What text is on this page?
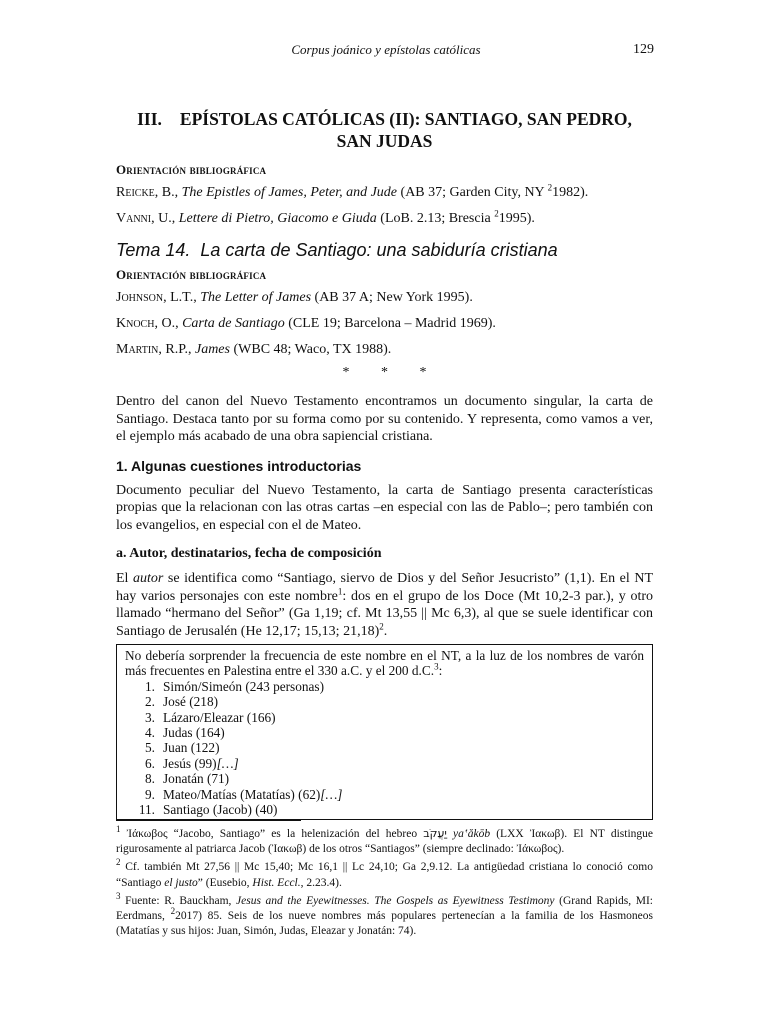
Corpus joánico y epístolas católicas	129
III. EPÍSTOLAS CATÓLICAS (II): SANTIAGO, SAN PEDRO,
SAN JUDAS
Orientación bibliográfica

Reicke, B., The Epistles of James, Peter, and Jude (AB 37; Garden City, NY $^2$1982).

Vanni, U., Lettere di Pietro, Giacomo e Giuda (LoB. 2.13; Brescia $^2$1995).

Tema 14. La carta de Santiago: una sabiduría cristiana
Orientación bibliográfica

Johnson, L.T., The Letter of James (AB 37 A; New York 1995).

Knoch, O., Carta de Santiago (CLE 19; Barcelona – Madrid 1969).

Martin, R.P., James (WBC 48; Waco, TX 1988).

* * *

Dentro del canon del Nuevo Testamento encontramos un documento singular, la carta de Santiago. Destaca tanto por su forma como por su contenido. Y representa, como vamos a ver, el ejemplo más acabado de una obra sapiencial cristiana.

1. Algunas cuestiones introductorias

Documento peculiar del Nuevo Testamento, la carta de Santiago presenta características propias que la relacionan con las otras cartas –en especial con las de Pablo–; pero también con los evangelios, en especial con el de Mateo.

a. Autor, destinatarios, fecha de composición

El autor se identifica como “Santiago, siervo de Dios y del Señor Jesucristo” (1,1). En el NT hay varios personajes con este nombre$^1$: dos en el grupo de los Doce (Mt 10,2-3 par.), y otro llamado “hermano del Señor” (Ga 1,19; cf. Mt 13,55 || Mc 6,3), al que se suele identificar con Santiago de Jerusalén (He 12,17; 15,13; 21,18)$^2$.

No debería sorprender la frecuencia de este nombre en el NT, a la luz de los nombres de varón más frecuentes en Palestina entre el 330 a.C. y el 200 d.C.$^3$:

1. Simón/Simeón (243 personas)
2. José (218)
3. Lázaro/Eleazar (166)
4. Judas (164)
5. Juan (122)
6. Jesús (99) […]
8. Jonatán (71)
9. Mateo/Matías (Matatías) (62) […]
11. Santiago (Jacob) (40)

$^1$ Ἰάκωβος “Jacobo, Santiago” es la helenización del hebreo יַעֲקֹב ya‛ăkōb (LXX Ἰακωβ). El NT distingue rigurosamente al patriarca Jacob (Ἰακωβ) de los otros “Santiagos” (siempre declinado: Ἰάκωβος).

$^2$ Cf. también Mt 27,56 || Mc 15,40; Mc 16,1 || Lc 24,10; Ga 2,9.12. La antigüedad cristiana lo conoció como “Santiago el justo” (Eusebio, Hist. Eccl., 2.23.4).

$^3$ Fuente: R. Bauckham, Jesus and the Eyewitnesses. The Gospels as Eyewitness Testimony (Grand Rapids, MI: Eerdmans, $^2$2017) 85. Seis de los nueve nombres más populares pertenecían a la familia de los Hasmoneos (Matatías y sus hijos: Juan, Simón, Judas, Eleazar y Jonatán: 74).
